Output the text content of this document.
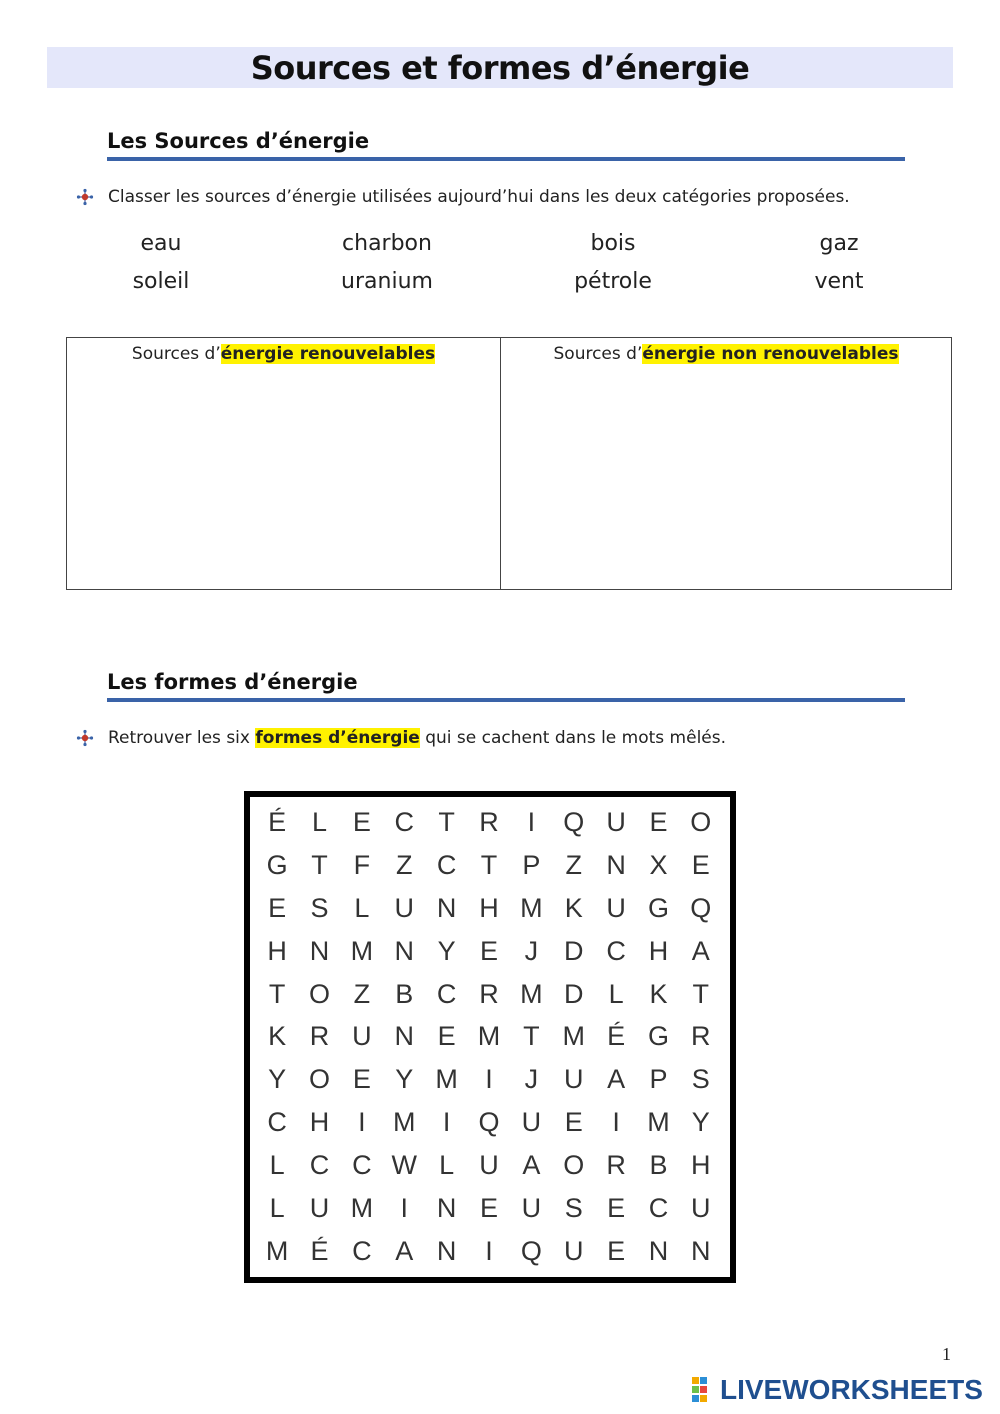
Sources et formes d’énergie
Les Sources d’énergie
Classer les sources d’énergie utilisées aujourd’hui dans les deux catégories proposées.
eau	charbon	bois	gaz
soleil	uranium	pétrole	vent
Sources d’énergie renouvelables	Sources d’énergie non renouvelables
Les formes d’énergie
Retrouver les six formes d’énergie qui se cachent dans le mots mêlés.
É L E C T R	I	Q U E O
G T F Z C T P Z N X E
E S L U N H M K U G Q
H N M N Y E J D C H A
T O Z B C R M D L K T
K R U N E M T M É G R
Y O E Y M	I	J U A P S
C H	I	M	I	Q U E	I	M Y
L C C W L U A O R B H
L U M	I	N E U S E C U
M É C A N	I	Q U E N N
1
LIVEWORKSHEETS
